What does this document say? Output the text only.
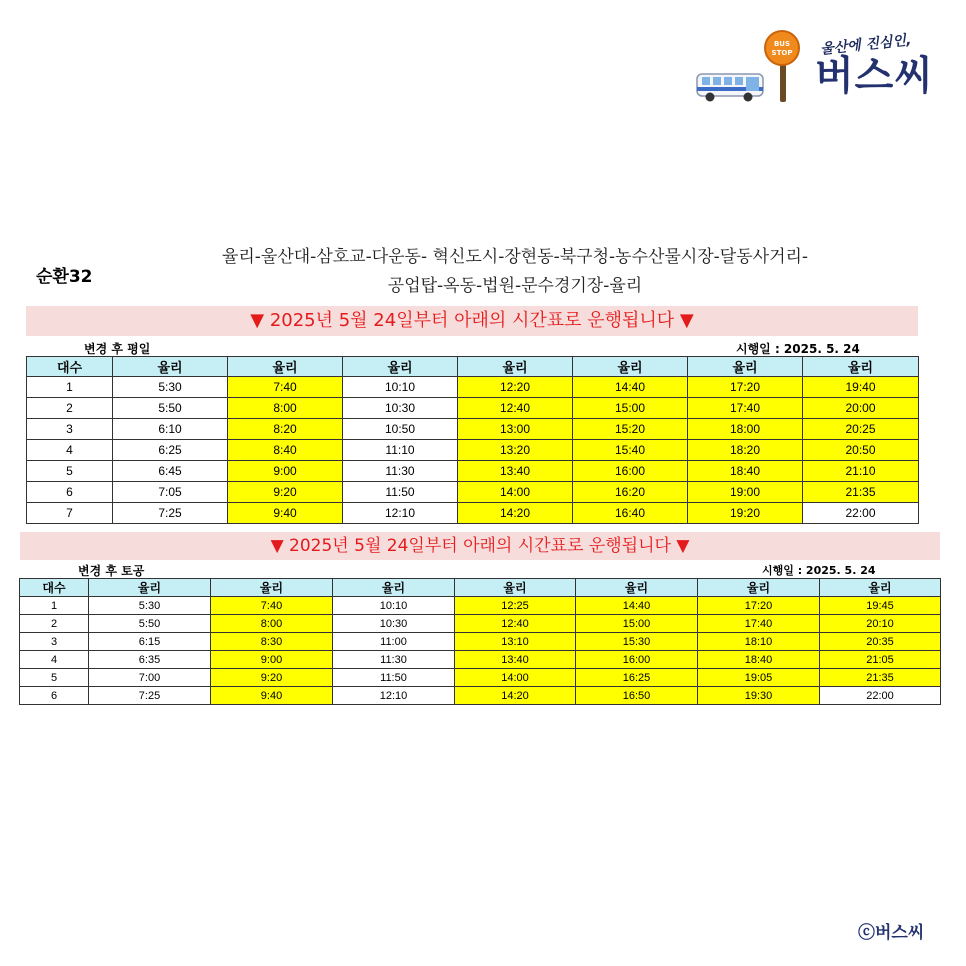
BUS
STOP	울산에 진심인,
버스씨
순환32
율리-울산대-삼호교-다운동- 혁신도시-장현동-북구청-농수산물시장-달동사거리-
공업탑-옥동-법원-문수경기장-율리
▼ 2025년 5월 24일부터 아래의 시간표로 운행됩니다 ▼
변경 후 평일	시행일 : 2025. 5. 24
대수	율리	율리	율리	율리	율리	율리	율리
1	5:30	7:40	10:10	12:20	14:40	17:20	19:40
2	5:50	8:00	10:30	12:40	15:00	17:40	20:00
3	6:10	8:20	10:50	13:00	15:20	18:00	20:25
4	6:25	8:40	11:10	13:20	15:40	18:20	20:50
5	6:45	9:00	11:30	13:40	16:00	18:40	21:10
6	7:05	9:20	11:50	14:00	16:20	19:00	21:35
7	7:25	9:40	12:10	14:20	16:40	19:20	22:00
▼ 2025년 5월 24일부터 아래의 시간표로 운행됩니다 ▼
변경 후 토공	시행일 : 2025. 5. 24
대수	율리	율리	율리	율리	율리	율리	율리
1	5:30	7:40	10:10	12:25	14:40	17:20	19:45
2	5:50	8:00	10:30	12:40	15:00	17:40	20:10
3	6:15	8:30	11:00	13:10	15:30	18:10	20:35
4	6:35	9:00	11:30	13:40	16:00	18:40	21:05
5	7:00	9:20	11:50	14:00	16:25	19:05	21:35
6	7:25	9:40	12:10	14:20	16:50	19:30	22:00
ⓒ버스씨
